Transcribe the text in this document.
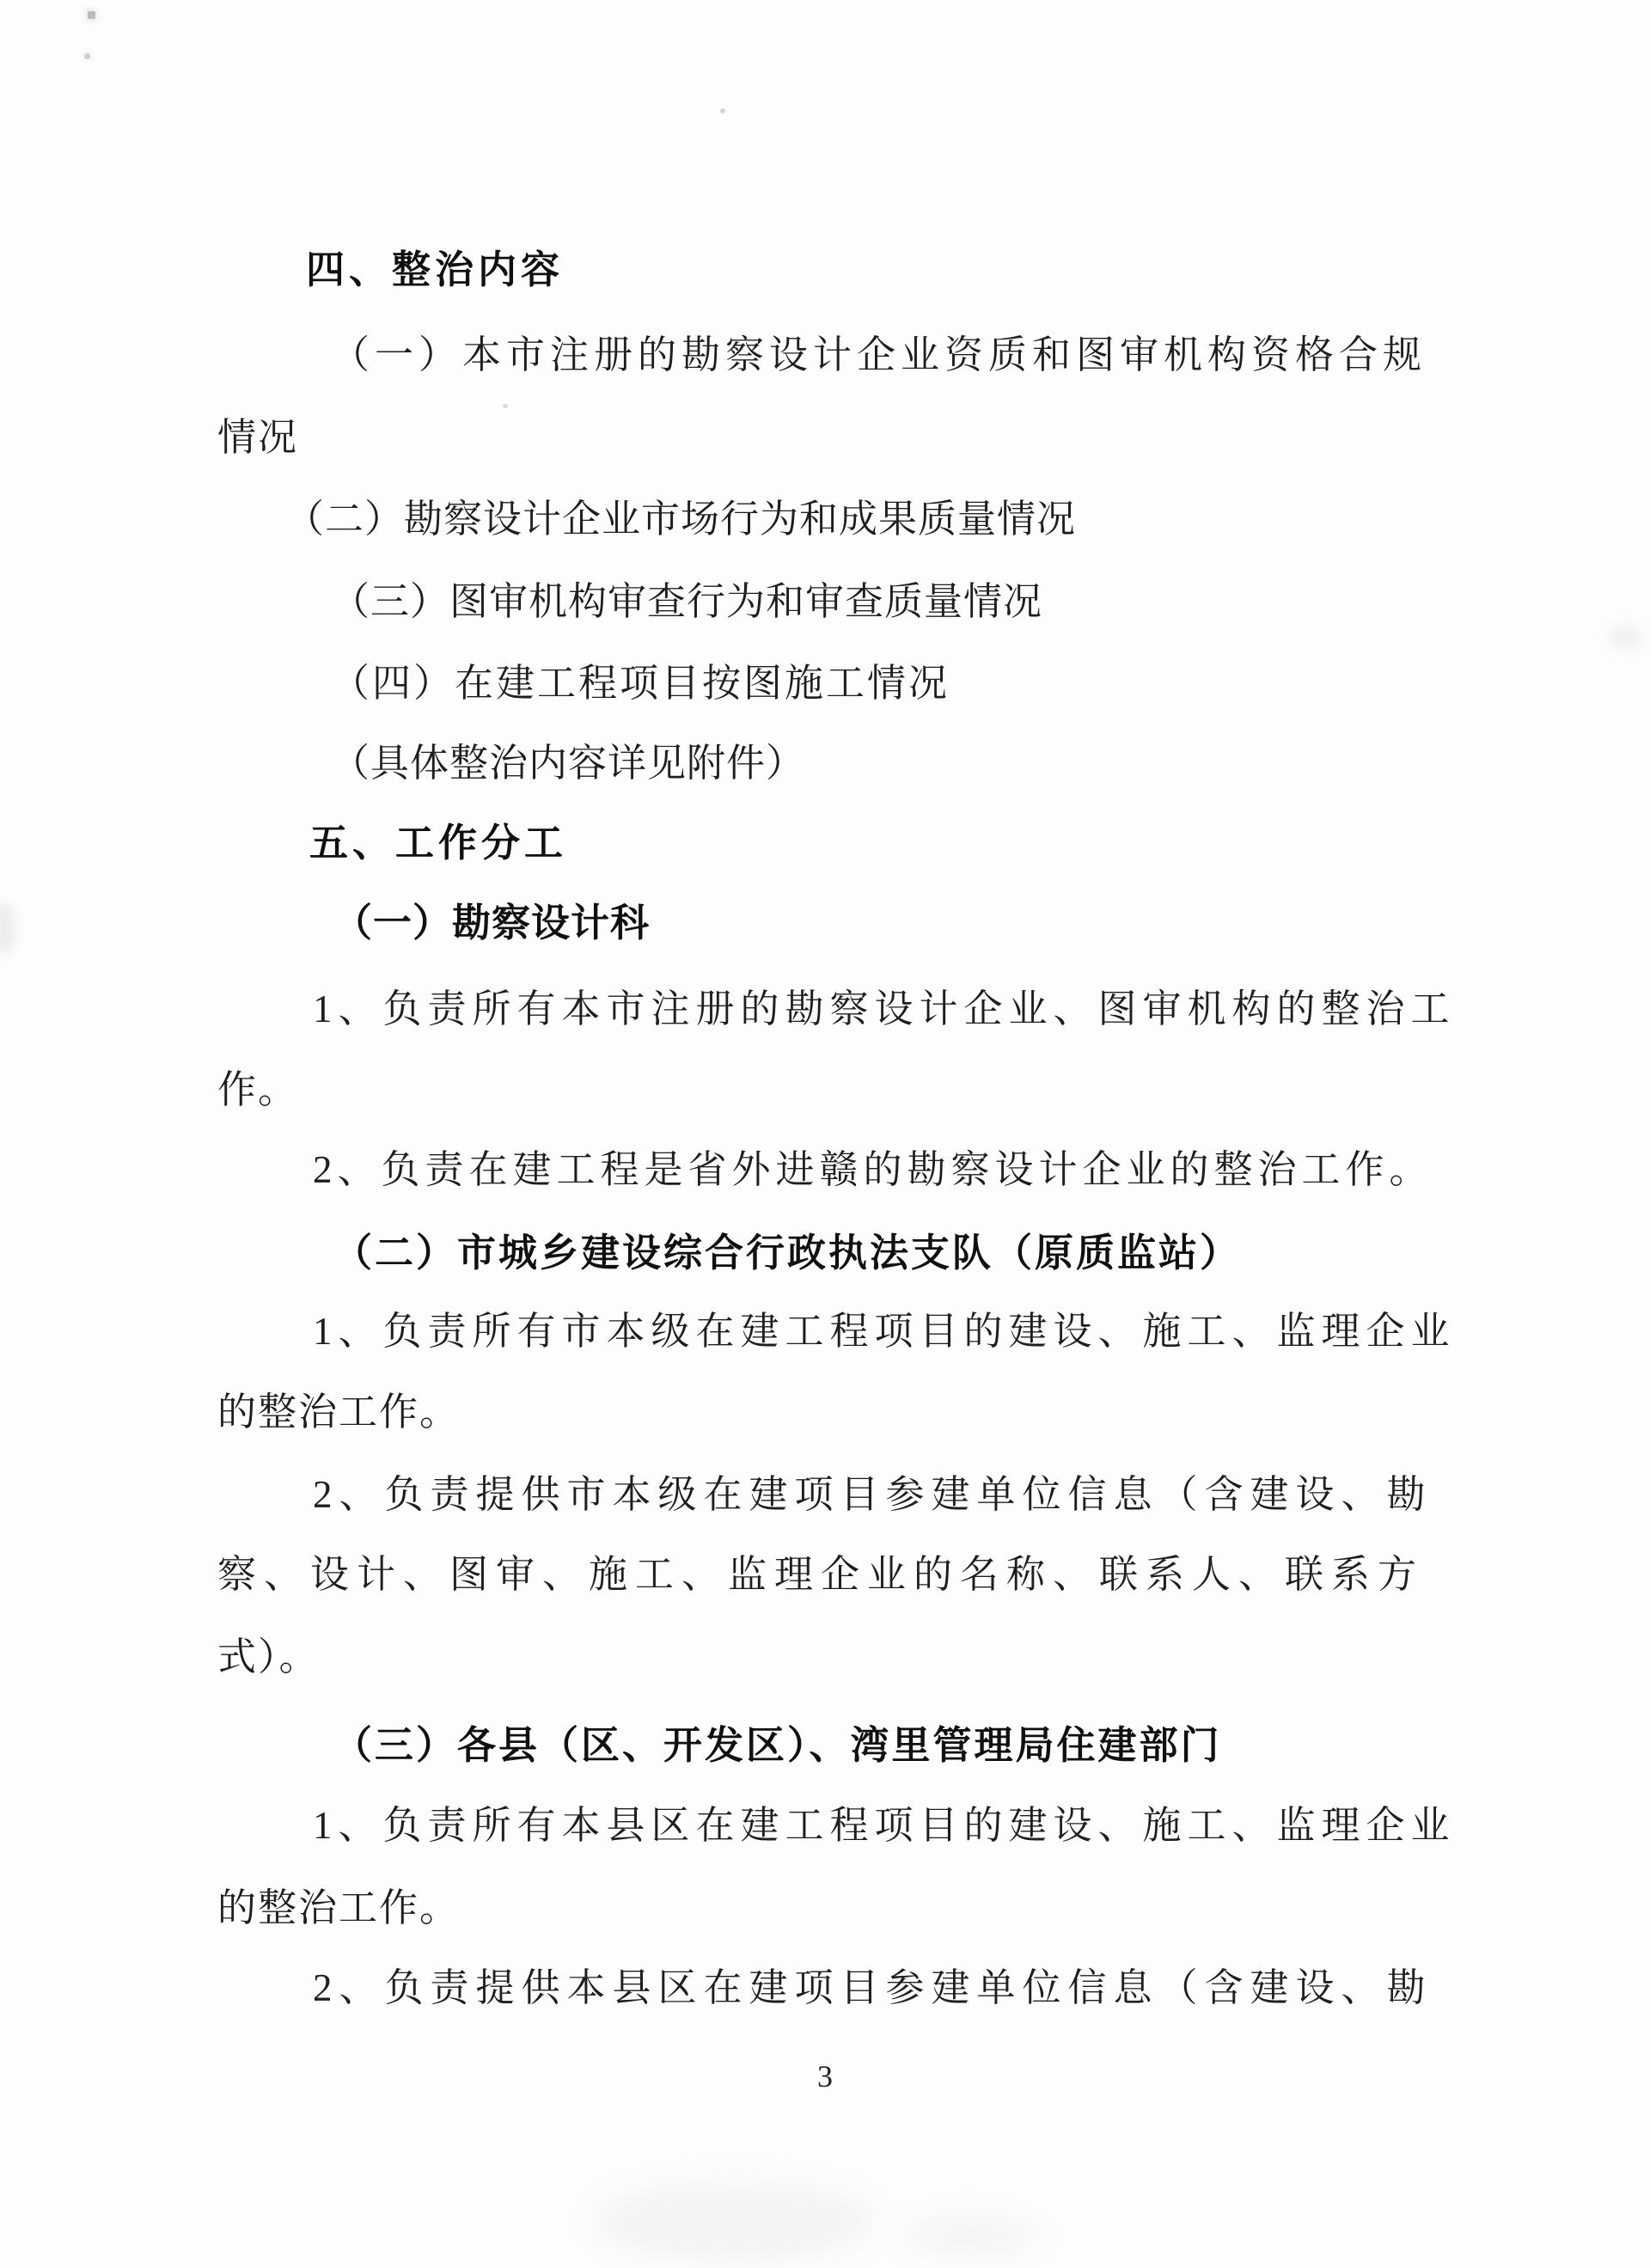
四、整治内容
（一）本市注册的勘察设计企业资质和图审机构资格合规
情况
（二）勘察设计企业市场行为和成果质量情况
（三）图审机构审查行为和审查质量情况
（四）在建工程项目按图施工情况
（具体整治内容详见附件）
五、工作分工
（一）勘察设计科
1、负责所有本市注册的勘察设计企业、图审机构的整治工
作。
2、负责在建工程是省外进赣的勘察设计企业的整治工作。
（二）市城乡建设综合行政执法支队（原质监站）
1、负责所有市本级在建工程项目的建设、施工、监理企业
的整治工作。
2、负责提供市本级在建项目参建单位信息（含建设、勘
察、设计、图审、施工、监理企业的名称、联系人、联系方
式）。
（三）各县（区、开发区）、湾里管理局住建部门
1、负责所有本县区在建工程项目的建设、施工、监理企业
的整治工作。
2、负责提供本县区在建项目参建单位信息（含建设、勘
3
